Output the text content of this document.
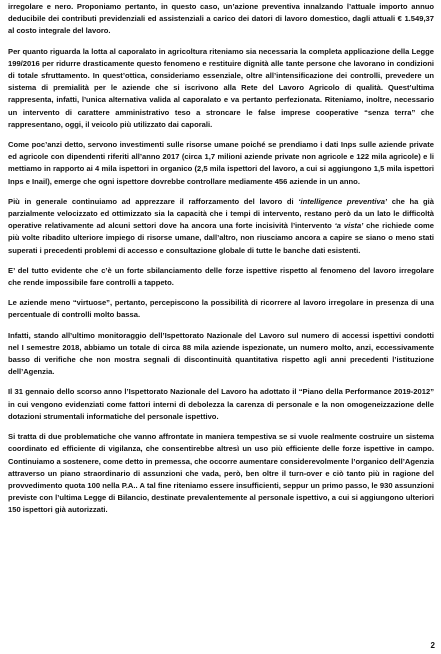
irregolare e nero. Proponiamo pertanto, in questo caso, un’azione preventiva innalzando l’attuale importo annuo deducibile dei contributi previdenziali ed assistenziali a carico dei datori di lavoro domestico, dagli attuali € 1.549,37 al costo integrale del lavoro.

Per quanto riguarda la lotta al caporalato in agricoltura riteniamo sia necessaria la completa applicazione della Legge 199/2016 per ridurre drasticamente questo fenomeno e restituire dignità alle tante persone che lavorano in condizioni di totale sfruttamento. In quest’ottica, consideriamo essenziale, oltre all’intensificazione dei controlli, prevedere un sistema di premialità per le aziende che si iscrivono alla Rete del Lavoro Agricolo di qualità. Quest’ultima rappresenta, infatti, l’unica alternativa valida al caporalato e va pertanto perfezionata. Riteniamo, inoltre, necessario un intervento di carattere amministrativo teso a stroncare le false imprese cooperative “senza terra” che rappresentano, oggi, il veicolo più utilizzato dai caporali.

Come poc’anzi detto, servono investimenti sulle risorse umane poiché se prendiamo i dati Inps sulle aziende private ed agricole con dipendenti riferiti all’anno 2017 (circa 1,7 milioni aziende private non agricole e 122 mila agricole) e li mettiamo in rapporto ai 4 mila ispettori in organico (2,5 mila ispettori del lavoro, a cui si aggiungono 1,5 mila ispettori Inps e Inail), emerge che ogni ispettore dovrebbe controllare mediamente 456 aziende in un anno.

Più in generale continuiamo ad apprezzare il rafforzamento del lavoro di ‘intelligence preventiva’ che ha già parzialmente velocizzato ed ottimizzato sia la capacità che i tempi di intervento, restano però da un lato le difficoltà operative relativamente ad alcuni settori dove ha ancora una forte incisività l’intervento ‘a vista’ che richiede come più volte ribadito ulteriore impiego di risorse umane, dall’altro, non riusciamo ancora a capire se siano o meno stati superati i precedenti problemi di accesso e consultazione globale di tutte le banche dati esistenti.

E’ del tutto evidente che c’è un forte sbilanciamento delle forze ispettive rispetto al fenomeno del lavoro irregolare che rende impossibile fare controlli a tappeto.

Le aziende meno “virtuose”, pertanto, percepiscono la possibilità di ricorrere al lavoro irregolare in presenza di una percentuale di controlli molto bassa.

Infatti, stando all’ultimo monitoraggio dell’Ispettorato Nazionale del Lavoro sul numero di accessi ispettivi condotti nel I semestre 2018, abbiamo un totale di circa 88 mila aziende ispezionate, un numero molto, anzi, eccessivamente basso di verifiche che non mostra segnali di discontinuità quantitativa rispetto agli anni precedenti l’istituzione dell’Agenzia.

Il 31 gennaio dello scorso anno l’Ispettorato Nazionale del Lavoro ha adottato il “Piano della Performance 2019-2012” in cui vengono evidenziati come fattori interni di debolezza la carenza di personale e la non omogeneizzazione delle dotazioni strumentali informatiche del personale ispettivo.

Si tratta di due problematiche che vanno affrontate in maniera tempestiva se si vuole realmente costruire un sistema coordinato ed efficiente di vigilanza, che consentirebbe altresì un uso più efficiente delle forze ispettive in campo. Continuiamo a sostenere, come detto in premessa, che occorre aumentare considerevolmente l’organico dell’Agenzia attraverso un piano straordinario di assunzioni che vada, però, ben oltre il turn-over e ciò tanto più in ragione del provvedimento quota 100 nella P.A.. A tal fine riteniamo essere insufficienti, seppur un primo passo, le 930 assunzioni previste con l’ultima Legge di Bilancio, destinate prevalentemente al personale ispettivo, a cui si aggiungono ulteriori 150 ispettori già autorizzati.

2
